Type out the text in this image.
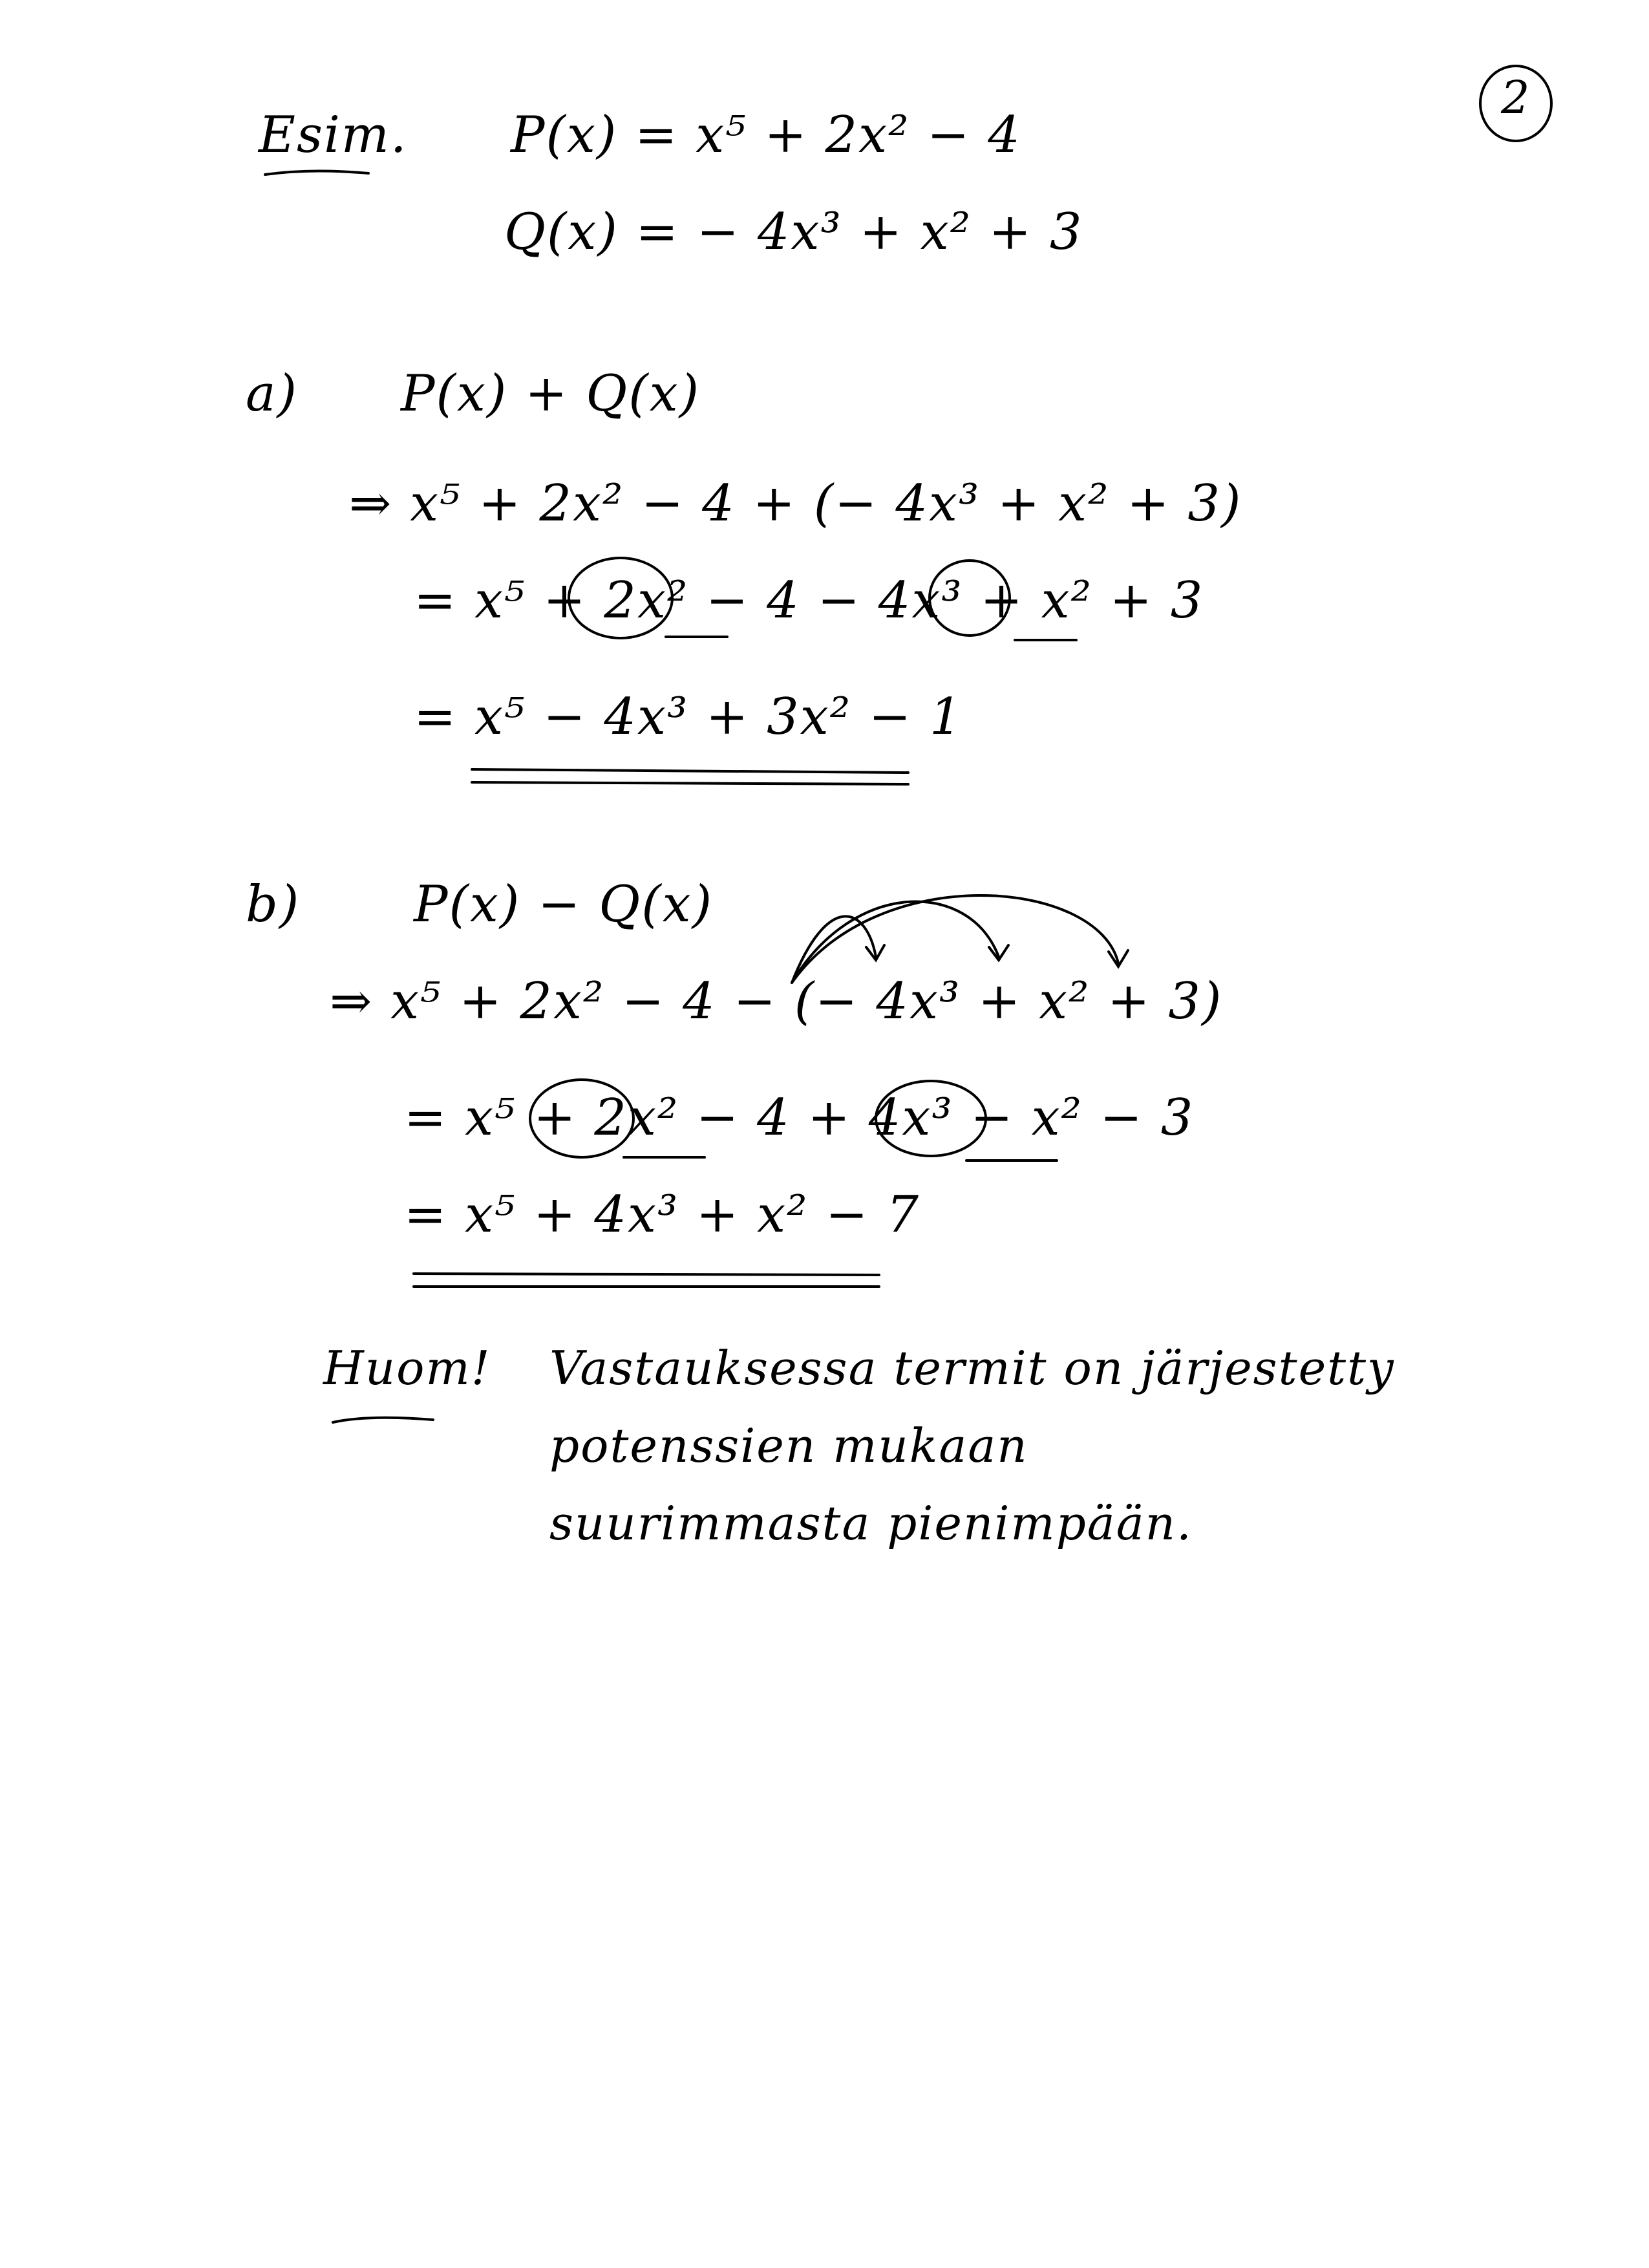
2
Esim. P(x) = x⁵ + 2x² − 4
Q(x) = − 4x³ + x² + 3
a) P(x) + Q(x)
⇒ x⁵ + 2x² − 4 + (− 4x³ + x² + 3)
= x⁵ + 2x² − 4 − 4x³ + x² + 3
= x⁵ − 4x³ + 3x² − 1
b) P(x) − Q(x)
⇒ x⁵ + 2x² − 4 − (− 4x³ + x² + 3)
= x⁵ + 2x² − 4 + 4x³ − x² − 3
= x⁵ + 4x³ + x² − 7
Huom! Vastauksessa termit on järjestetty
potenssien mukaan
suurimmasta pienimpään.
